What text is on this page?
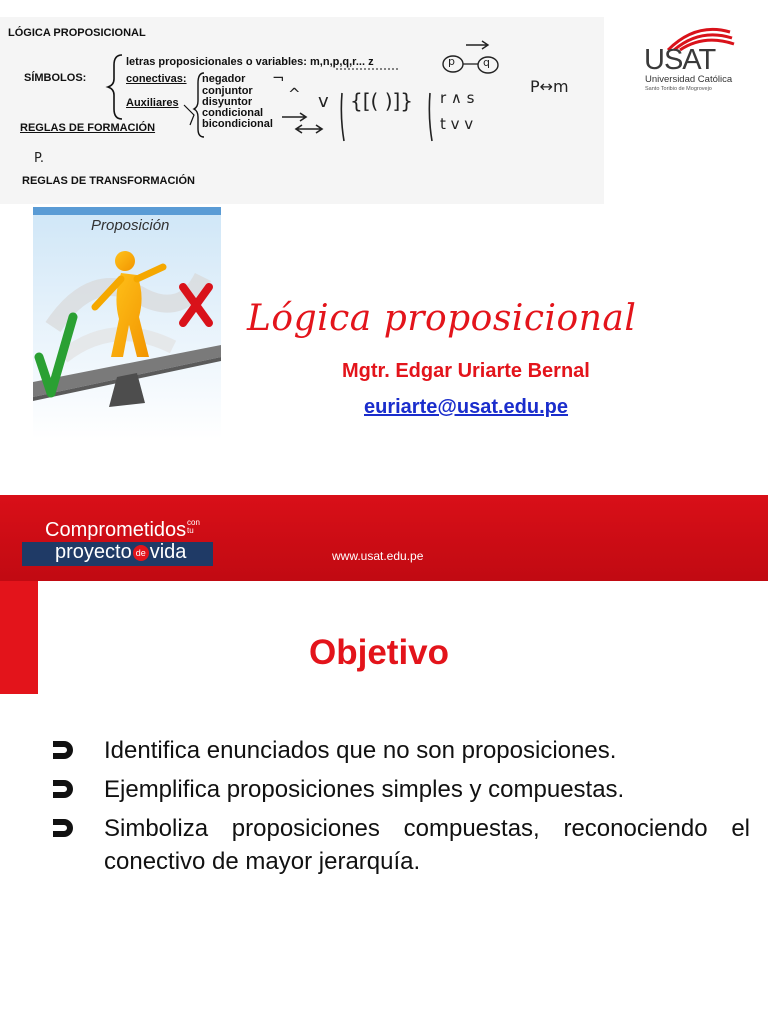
LÓGICA PROPOSICIONAL
SÍMBOLOS:
letras proposicionales o variables: m,n,p,q,r... z
conectivas:
Auxiliares
negador
conjuntor
disyuntor
condicional
bicondicional
REGLAS DE FORMACIÓN
REGLAS DE TRANSFORMACIÓN
¬
^ v {[( )]} r ∧ s
t v v
p	q
P.
P↔m
USAT
Universidad Católica
Santo Toribio de Mogrovejo
Proposición
Lógica proposicional
Mgtr. Edgar Uriarte Bernal
euriarte@usat.edu.pe
Comprometidos con
tu
proyecto de vida	www.usat.edu.pe
Objetivo
Identifica enunciados que no son proposiciones.
Ejemplifica proposiciones simples y compuestas.
Simboliza proposiciones compuestas, reconociendo el conectivo de mayor jerarquía.
